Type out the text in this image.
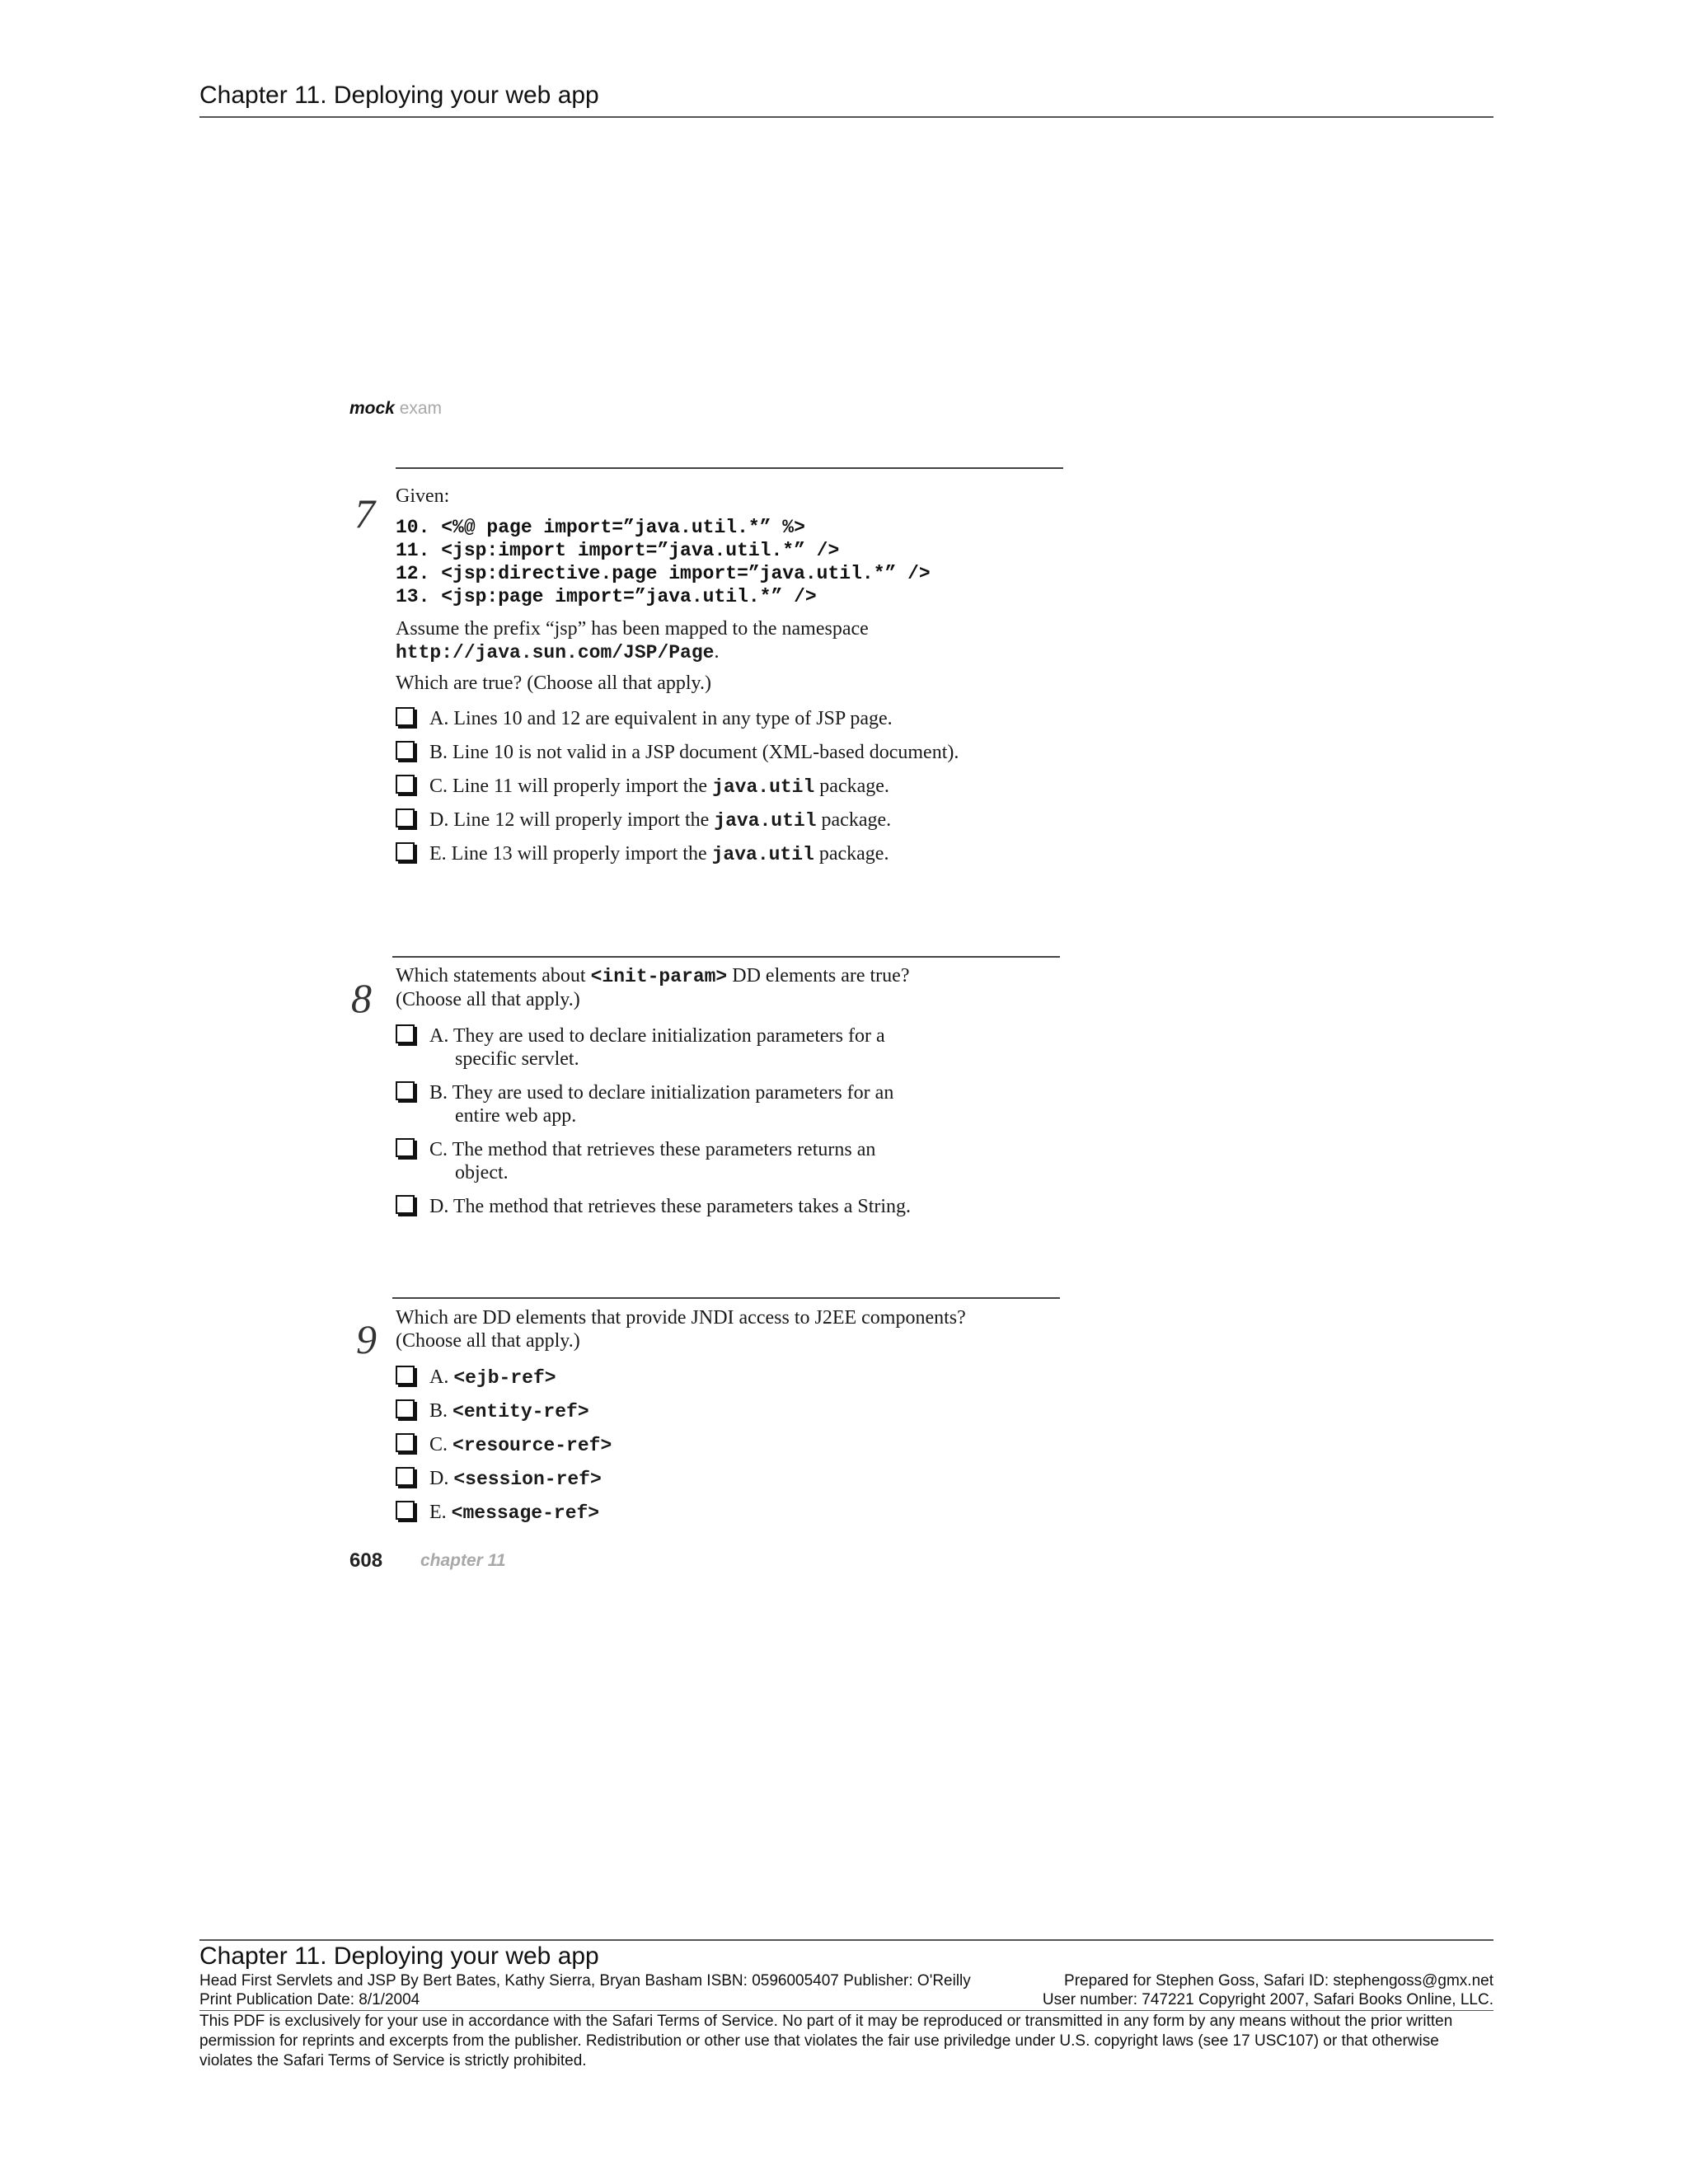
Chapter 11. Deploying your web app
mock exam
7 Given:
10. <%@ page import=”java.util.*” %>
11. <jsp:import import=”java.util.*” />
12. <jsp:directive.page import=”java.util.*” />
13. <jsp:page import=”java.util.*” />
Assume the prefix “jsp” has been mapped to the namespace
http://java.sun.com/JSP/Page.
Which are true? (Choose all that apply.)
A. Lines 10 and 12 are equivalent in any type of JSP page.
B. Line 10 is not valid in a JSP document (XML-based document).
C. Line 11 will properly import the java.util package.
D. Line 12 will properly import the java.util package.
E. Line 13 will properly import the java.util package.
8 Which statements about <init-param> DD elements are true?
(Choose all that apply.)
A. They are used to declare initialization parameters for a
specific servlet.
B. They are used to declare initialization parameters for an
entire web app.
C. The method that retrieves these parameters returns an
object.
D. The method that retrieves these parameters takes a String.
9 Which are DD elements that provide JNDI access to J2EE components?
(Choose all that apply.)
A. <ejb-ref>
B. <entity-ref>
C. <resource-ref>
D. <session-ref>
E. <message-ref>
608 chapter 11
Chapter 11. Deploying your web app
Head First Servlets and JSP By Bert Bates, Kathy Sierra, Bryan Basham ISBN: 0596005407 Publisher: O'Reilly	Prepared for Stephen Goss, Safari ID: stephengoss@gmx.net
Print Publication Date: 8/1/2004	User number: 747221 Copyright 2007, Safari Books Online, LLC.
This PDF is exclusively for your use in accordance with the Safari Terms of Service. No part of it may be reproduced or transmitted in any form by any means without the prior written permission for reprints and excerpts from the publisher. Redistribution or other use that violates the fair use priviledge under U.S. copyright laws (see 17 USC107) or that otherwise violates the Safari Terms of Service is strictly prohibited.
